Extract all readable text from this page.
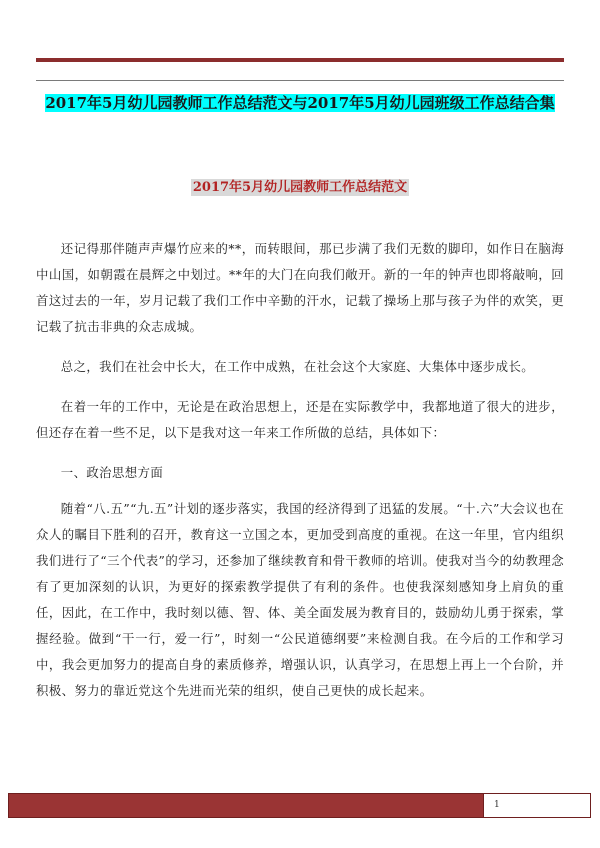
2017年5月幼儿园教师工作总结范文与2017年5月幼儿园班级工作总结合集
2017年5月幼儿园教师工作总结范文

还记得那伴随声声爆竹应来的**，而转眼间，那已步满了我们无数的脚印，如作日在脑海中山国，如朝霞在晨辉之中划过。**年的大门在向我们敞开。新的一年的钟声也即将敲响，回首这过去的一年，岁月记载了我们工作中辛勤的汗水，记载了操场上那与孩子为伴的欢笑，更记载了抗击非典的众志成城。

总之，我们在社会中长大，在工作中成熟，在社会这个大家庭、大集体中逐步成长。

在着一年的工作中，无论是在政治思想上，还是在实际教学中，我都地道了很大的进步，但还存在着一些不足，以下是我对这一年来工作所做的总结，具体如下：

一、政治思想方面

随着“八.五”“九.五”计划的逐步落实，我国的经济得到了迅猛的发展。“十.六”大会议也在众人的瞩目下胜利的召开，教育这一立国之本，更加受到高度的重视。在这一年里，官内组织我们进行了“三个代表”的学习，还参加了继续教育和骨干教师的培训。使我对当今的幼教理念有了更加深刻的认识，为更好的探索教学提供了有利的条件。也使我深刻感知身上肩负的重任，因此，在工作中，我时刻以德、智、体、美全面发展为教育目的，鼓励幼儿勇于探索，掌握经验。做到“干一行，爱一行”，时刻一“公民道德纲要”来检测自我。在今后的工作和学习中，我会更加努力的提高自身的素质修养，增强认识，认真学习，在思想上再上一个台阶，并积极、努力的靠近党这个先进而光荣的组织，使自己更快的成长起来。

1
